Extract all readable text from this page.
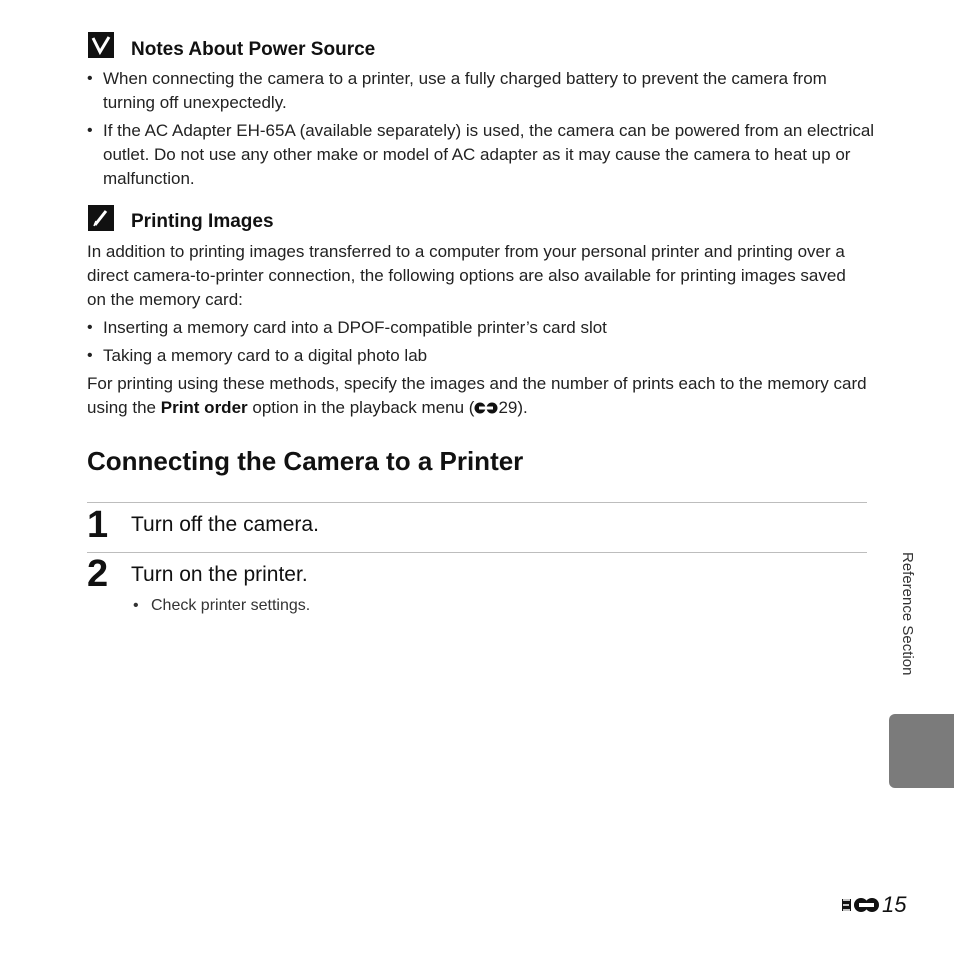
Notes About Power Source
• When connecting the camera to a printer, use a fully charged battery to prevent the camera from turning off unexpectedly.
• If the AC Adapter EH-65A (available separately) is used, the camera can be powered from an electrical outlet. Do not use any other make or model of AC adapter as it may cause the camera to heat up or malfunction.
Printing Images
In addition to printing images transferred to a computer from your personal printer and printing over a direct camera-to-printer connection, the following options are also available for printing images saved on the memory card:
• Inserting a memory card into a DPOF-compatible printer’s card slot
• Taking a memory card to a digital photo lab
For printing using these methods, specify the images and the number of prints each to the memory card using the Print order option in the playback menu ( 29 ).
Connecting the Camera to a Printer
1 Turn off the camera.
2 Turn on the printer.
• Check printer settings.	Reference Section
15
